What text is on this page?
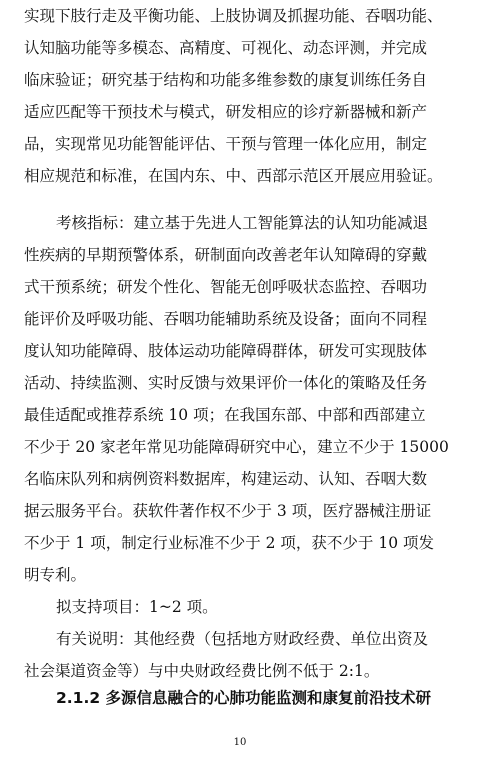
实现下肢行走及平衡功能、上肢协调及抓握功能、吞咽功能、
认知脑功能等多模态、高精度、可视化、动态评测，并完成
临床验证；研究基于结构和功能多维参数的康复训练任务自
适应匹配等干预技术与模式，研发相应的诊疗新器械和新产
品，实现常见功能智能评估、干预与管理一体化应用，制定
相应规范和标准，在国内东、中、西部示范区开展应用验证。
考核指标：建立基于先进人工智能算法的认知功能减退
性疾病的早期预警体系，研制面向改善老年认知障碍的穿戴
式干预系统；研发个性化、智能无创呼吸状态监控、吞咽功
能评价及呼吸功能、吞咽功能辅助系统及设备；面向不同程
度认知功能障碍、肢体运动功能障碍群体，研发可实现肢体
活动、持续监测、实时反馈与效果评价一体化的策略及任务
最佳适配或推荐系统 10 项；在我国东部、中部和西部建立
不少于 20 家老年常见功能障碍研究中心，建立不少于 15000
名临床队列和病例资料数据库，构建运动、认知、吞咽大数
据云服务平台。获软件著作权不少于 3 项，医疗器械注册证
不少于 1 项，制定行业标准不少于 2 项，获不少于 10 项发
明专利。
拟支持项目：1~2 项。
有关说明：其他经费（包括地方财政经费、单位出资及
社会渠道资金等）与中央财政经费比例不低于 2:1。
2.1.2 多源信息融合的心肺功能监测和康复前沿技术研
10
